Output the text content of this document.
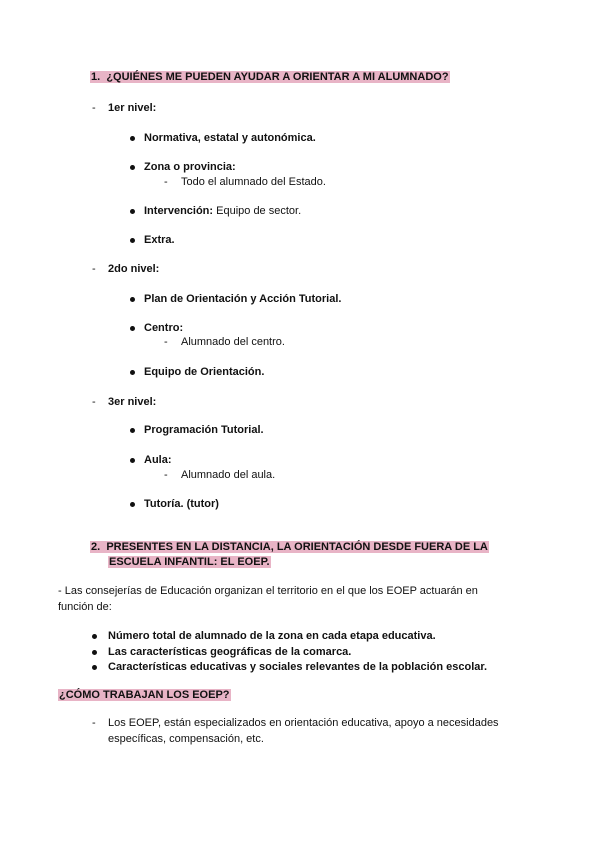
1. ¿QUIÉNES ME PUEDEN AYUDAR A ORIENTAR A MI ALUMNADO?
- 1er nivel:
Normativa, estatal y autonómica.
Zona o provincia:
- Todo el alumnado del Estado.
Intervención: Equipo de sector.
Extra.
- 2do nivel:
Plan de Orientación y Acción Tutorial.
Centro:
- Alumnado del centro.
Equipo de Orientación.
- 3er nivel:
Programación Tutorial.
Aula:
- Alumnado del aula.
Tutoría. (tutor)
2. PRESENTES EN LA DISTANCIA, LA ORIENTACIÓN DESDE FUERA DE LA
ESCUELA INFANTIL: EL EOEP.
- Las consejerías de Educación organizan el territorio en el que los EOEP actuarán en
función de:
Número total de alumnado de la zona en cada etapa educativa.
Las características geográficas de la comarca.
Características educativas y sociales relevantes de la población escolar.
¿CÓMO TRABAJAN LOS EOEP?
- Los EOEP, están especializados en orientación educativa, apoyo a necesidades
específicas, compensación, etc.
